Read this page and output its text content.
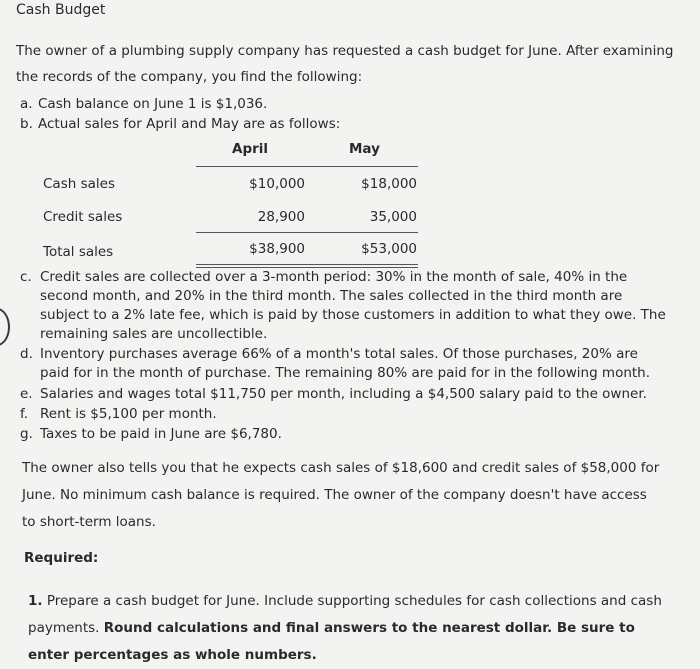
Cash Budget
The owner of a plumbing supply company has requested a cash budget for June. After examining the records of the company, you find the following:
a. Cash balance on June 1 is $1,036.
b. Actual sales for April and May are as follows:
April	May
Cash sales	$10,000	$18,000
Credit sales	28,900	35,000
Total sales	$38,900	$53,000
c. Credit sales are collected over a 3-month period: 30% in the month of sale, 40% in the second month, and 20% in the third month. The sales collected in the third month are subject to a 2% late fee, which is paid by those customers in addition to what they owe. The remaining sales are uncollectible.
d. Inventory purchases average 66% of a month's total sales. Of those purchases, 20% are paid for in the month of purchase. The remaining 80% are paid for in the following month.
e. Salaries and wages total $11,750 per month, including a $4,500 salary paid to the owner.
f. Rent is $5,100 per month.
g. Taxes to be paid in June are $6,780.
The owner also tells you that he expects cash sales of $18,600 and credit sales of $58,000 for June. No minimum cash balance is required. The owner of the company doesn't have access to short-term loans.
Required:
1. Prepare a cash budget for June. Include supporting schedules for cash collections and cash payments. Round calculations and final answers to the nearest dollar. Be sure to enter percentages as whole numbers.
